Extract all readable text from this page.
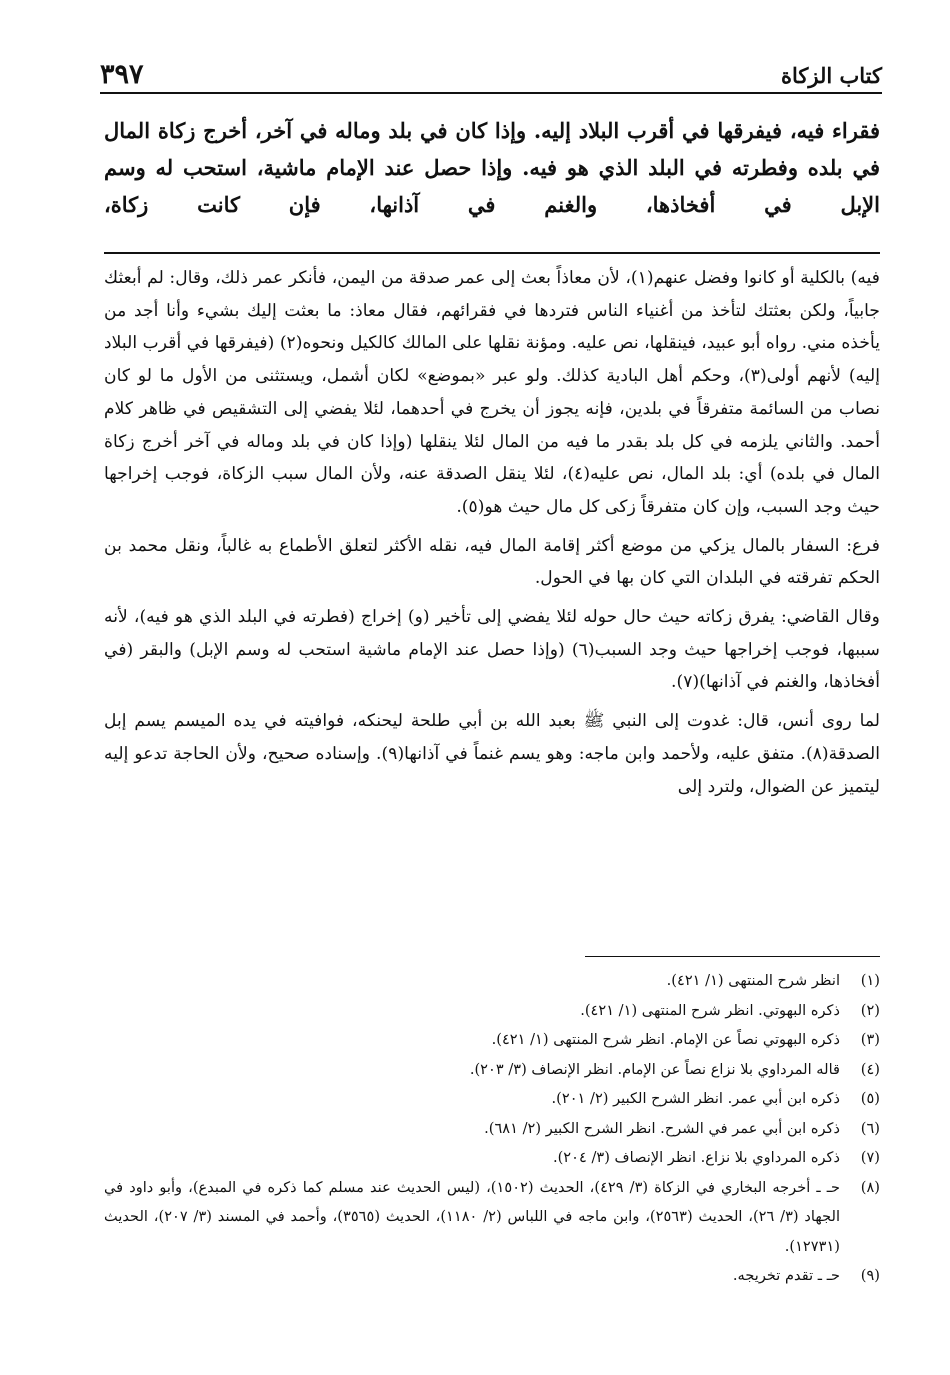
كتاب الزكاة
٣٩٧

فقراء فيه، فيفرقها في أقرب البلاد إليه. وإذا كان في بلد وماله في آخر، أخرج زكاة المال في بلده وفطرته في البلد الذي هو فيه. وإذا حصل عند الإمام ماشية، استحب له وسم الإبل في أفخاذها، والغنم في آذانها، فإن كانت زكاة،

فيه) بالكلية أو كانوا وفضل عنهم(١)، لأن معاذاً بعث إلى عمر صدقة من اليمن، فأنكر عمر ذلك، وقال: لم أبعثك جابياً، ولكن بعثتك لتأخذ من أغنياء الناس فتردها في فقرائهم، فقال معاذ: ما بعثت إليك بشيء وأنا أجد من يأخذه مني. رواه أبو عبيد، فينقلها، نص عليه. ومؤنة نقلها على المالك كالكيل ونحوه(٢) (فيفرقها في أقرب البلاد إليه) لأنهم أولى(٣)، وحكم أهل البادية كذلك. ولو عبر «بموضع» لكان أشمل، ويستثنى من الأول ما لو كان نصاب من السائمة متفرقاً في بلدين، فإنه يجوز أن يخرج في أحدهما، لئلا يفضي إلى التشقيص في ظاهر كلام أحمد. والثاني يلزمه في كل بلد بقدر ما فيه من المال لئلا ينقلها (وإذا كان في بلد وماله في آخر أخرج زكاة المال في بلده) أي: بلد المال، نص عليه(٤)، لئلا ينقل الصدقة عنه، ولأن المال سبب الزكاة، فوجب إخراجها حيث وجد السبب، وإن كان متفرقاً زكى كل مال حيث هو(٥).

فرع: السفار بالمال يزكي من موضع أكثر إقامة المال فيه، نقله الأكثر لتعلق الأطماع به غالباً، ونقل محمد بن الحكم تفرقته في البلدان التي كان بها في الحول.

وقال القاضي: يفرق زكاته حيث حال حوله لئلا يفضي إلى تأخير (و) إخراج (فطرته في البلد الذي هو فيه)، لأنه سببها، فوجب إخراجها حيث وجد السبب(٦) (وإذا حصل عند الإمام ماشية استحب له وسم الإبل) والبقر (في أفخاذها، والغنم في آذانها)(٧).

لما روى أنس، قال: غدوت إلى النبي ﷺ بعبد الله بن أبي طلحة ليحنكه، فوافيته في يده الميسم يسم إبل الصدقة(٨). متفق عليه، ولأحمد وابن ماجه: وهو يسم غنماً في آذانها(٩). وإسناده صحيح، ولأن الحاجة تدعو إليه ليتميز عن الضوال، ولترد إلى

(١)
انظر شرح المنتهى (١/ ٤٢١).
(٢)
ذكره البهوتي. انظر شرح المنتهى (١/ ٤٢١).
(٣)
ذكره البهوتي نصاً عن الإمام. انظر شرح المنتهى (١/ ٤٢١).
(٤)
قاله المرداوي بلا نزاع نصاً عن الإمام. انظر الإنصاف (٣/ ٢٠٣).
(٥)
ذكره ابن أبي عمر. انظر الشرح الكبير (٢/ ٢٠١).
(٦)
ذكره ابن أبي عمر في الشرح. انظر الشرح الكبير (٢/ ٦٨١).
(٧)
ذكره المرداوي بلا نزاع. انظر الإنصاف (٣/ ٢٠٤).
(٨)
حـ ـ أخرجه البخاري في الزكاة (٣/ ٤٢٩)، الحديث (١٥٠٢)، (ليس الحديث عند مسلم كما ذكره في المبدع)، وأبو داود في الجهاد (٣/ ٢٦)، الحديث (٢٥٦٣)، وابن ماجه في اللباس (٢/ ١١٨٠)، الحديث (٣٥٦٥)، وأحمد في المسند (٣/ ٢٠٧)، الحديث (١٢٧٣١).
(٩)
حـ ـ تقدم تخريجه.
